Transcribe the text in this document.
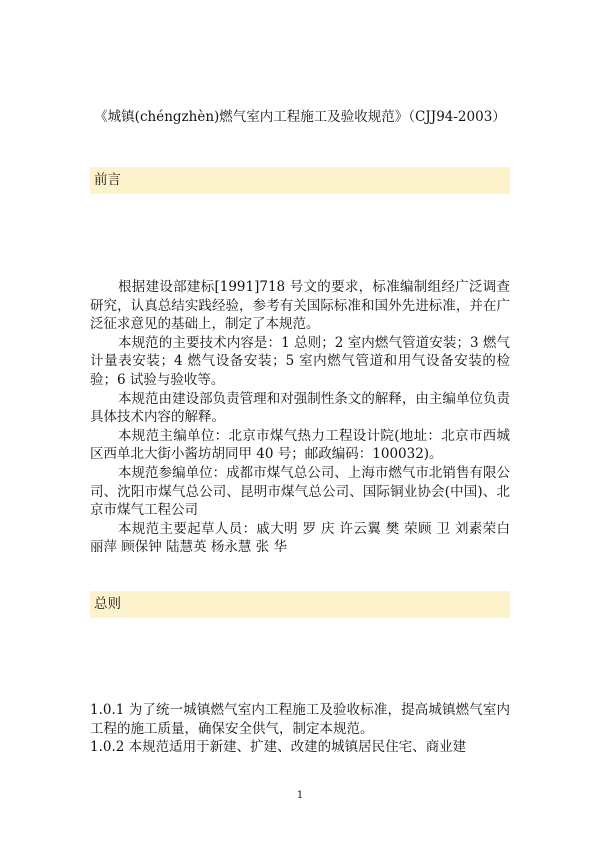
《城镇(chéngzhèn)燃气室内工程施工及验收规范》（CJJ94-2003）
前言

根据建设部建标[1991]718 号文的要求，标准编制组经广泛调查研究，认真总结实践经验，参考有关国际标准和国外先进标准，并在广泛征求意见的基础上，制定了本规范。

本规范的主要技术内容是：1 总则；2 室内燃气管道安装；3 燃气计量表安装；4 燃气设备安装；5 室内燃气管道和用气设备安装的检验；6 试验与验收等。

本规范由建设部负责管理和对强制性条文的解释，由主编单位负责具体技术内容的解释。

本规范主编单位：北京市煤气热力工程设计院(地址：北京市西城区西单北大街小酱坊胡同甲 40 号；邮政编码：100032)。

本规范参编单位：成都市煤气总公司、上海市燃气市北销售有限公司、沈阳市煤气总公司、昆明市煤气总公司、国际铜业协会(中国)、北京市煤气工程公司

本规范主要起草人员：戚大明 罗 庆 许云翼 樊 荣顾 卫 刘素荣白丽萍 顾保钟 陆慧英 杨永慧 张 华

总则

1.0.1 为了统一城镇燃气室内工程施工及验收标准，提高城镇燃气室内工程的施工质量，确保安全供气，制定本规范。

1.0.2 本规范适用于新建、扩建、改建的城镇居民住宅、商业建

1
